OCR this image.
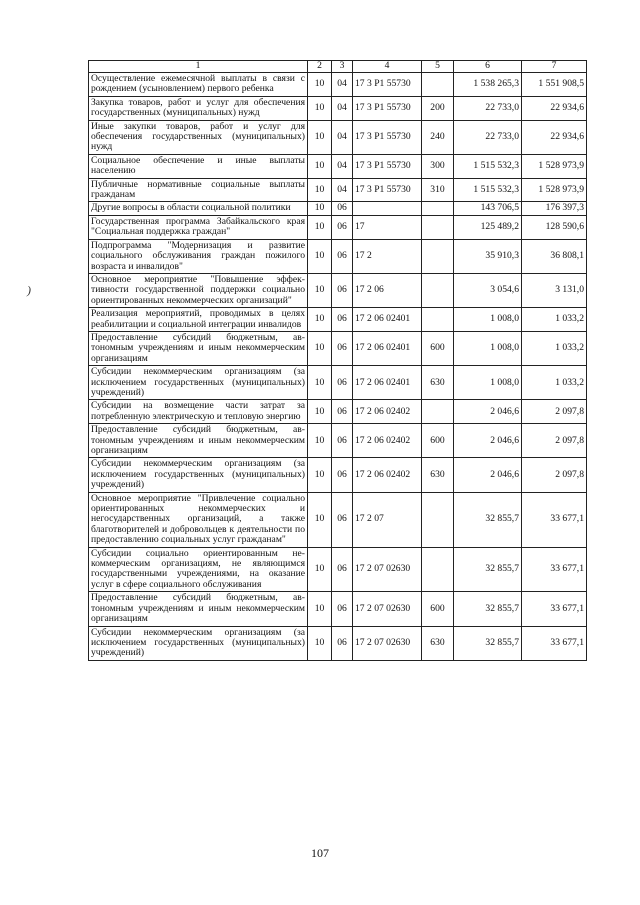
)
1	2	3	4	5	6	7
Осуществление ежемесячной выплаты в связи с рождением (усыновлением) первого ребенка	10	04	17 3 P1 55730		1 538 265,3	1 551 908,5
Закупка товаров, работ и услуг для обеспечения государственных (муниципальных) нужд	10	04	17 3 P1 55730	200	22 733,0	22 934,6
Иные закупки товаров, работ и услуг для обеспечения государственных (муниципальных) нужд	10	04	17 3 P1 55730	240	22 733,0	22 934,6
Социальное обеспечение и иные выплаты населению	10	04	17 3 P1 55730	300	1 515 532,3	1 528 973,9
Публичные нормативные социальные выплаты гражданам	10	04	17 3 P1 55730	310	1 515 532,3	1 528 973,9
Другие вопросы в области социальной политики	10	06			143 706,5	176 397,3
Государственная программа Забайкальского края "Социальная поддержка граждан"	10	06	17		125 489,2	128 590,6
Подпрограмма "Модернизация и развитие социального обслуживания граждан пожилого возраста и инвалидов"	10	06	17 2		35 910,3	36 808,1
Основное мероприятие "Повышение эффективности государственной поддержки социально ориентированных некоммерческих организаций"	10	06	17 2 06		3 054,6	3 131,0
Реализация мероприятий, проводимых в целях реабилитации и социальной интеграции инвалидов	10	06	17 2 06 02401		1 008,0	1 033,2
Предоставление субсидий бюджетным, автономным учреждениям и иным некоммерческим организациям	10	06	17 2 06 02401	600	1 008,0	1 033,2
Субсидии некоммерческим организациям (за исключением государственных (муниципальных) учреждений)	10	06	17 2 06 02401	630	1 008,0	1 033,2
Субсидии на возмещение части затрат за потребленную электрическую и тепловую энергию	10	06	17 2 06 02402		2 046,6	2 097,8
Предоставление субсидий бюджетным, автономным учреждениям и иным некоммерческим организациям	10	06	17 2 06 02402	600	2 046,6	2 097,8
Субсидии некоммерческим организациям (за исключением государственных (муниципальных) учреждений)	10	06	17 2 06 02402	630	2 046,6	2 097,8
Основное мероприятие "Привлечение социально ориентированных некоммерческих и негосударственных организаций, а также благотворителей и добровольцев к деятельности по предоставлению социальных услуг гражданам"	10	06	17 2 07		32 855,7	33 677,1
Субсидии социально ориентированным некоммерческим организациям, не являющимся государственными учреждениями, на оказание услуг в сфере социального обслуживания	10	06	17 2 07 02630		32 855,7	33 677,1
Предоставление субсидий бюджетным, автономным учреждениям и иным некоммерческим организациям	10	06	17 2 07 02630	600	32 855,7	33 677,1
Субсидии некоммерческим организациям (за исключением государственных (муниципальных) учреждений)	10	06	17 2 07 02630	630	32 855,7	33 677,1
107
